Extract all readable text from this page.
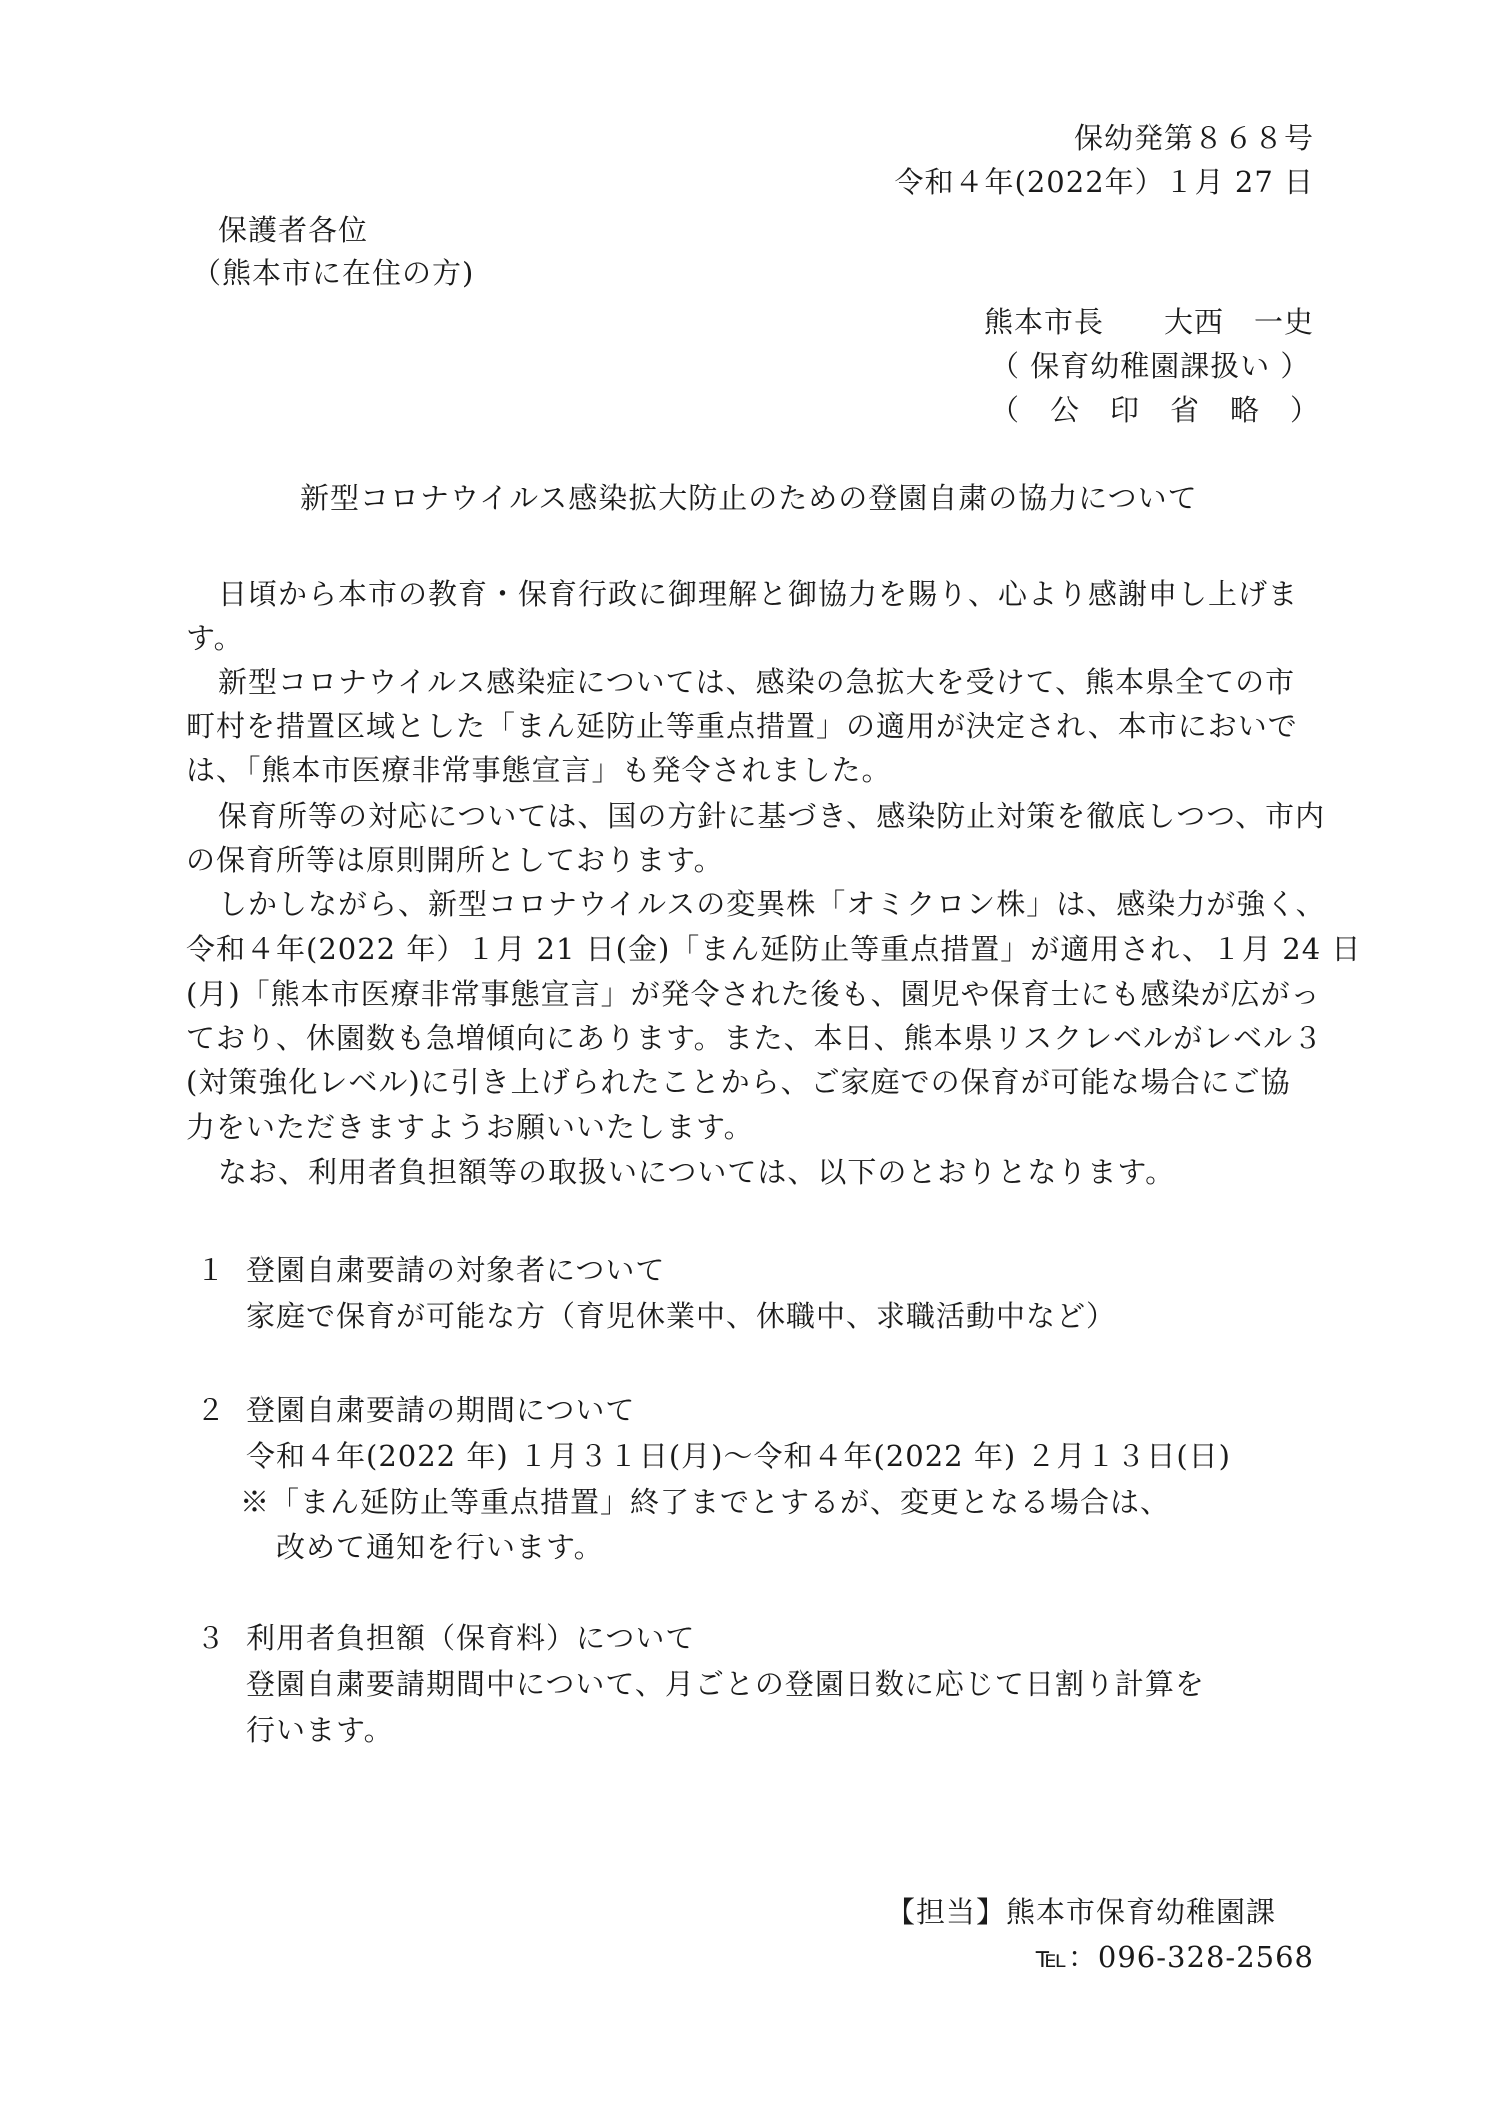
保幼発第８６８号
令和４年(2022年）１月 27 日
保護者各位
（熊本市に在住の方)
熊本市長　　大西　一史
（ 保育幼稚園課扱い ）
（　公　印　省　略　）
新型コロナウイルス感染拡大防止のための登園自粛の協力について
日頃から本市の教育・保育行政に御理解と御協力を賜り、心より感謝申し上げま
す。
新型コロナウイルス感染症については、感染の急拡大を受けて、熊本県全ての市
町村を措置区域とした「まん延防止等重点措置」の適用が決定され、本市においで
は、「熊本市医療非常事態宣言」も発令されました。
保育所等の対応については、国の方針に基づき、感染防止対策を徹底しつつ、市内
の保育所等は原則開所としております。
しかしながら、新型コロナウイルスの変異株「オミクロン株」は、感染力が強く、
令和４年(2022 年）１月 21 日(金)「まん延防止等重点措置」が適用され、１月 24 日
(月)「熊本市医療非常事態宣言」が発令された後も、園児や保育士にも感染が広がっ
ており、休園数も急増傾向にあります。また、本日、熊本県リスクレベルがレベル３
(対策強化レベル)に引き上げられたことから、ご家庭での保育が可能な場合にご協
力をいただきますようお願いいたします。
なお、利用者負担額等の取扱いについては、以下のとおりとなります。
１ 登園自粛要請の対象者について
家庭で保育が可能な方（育児休業中、休職中、求職活動中など）
２ 登園自粛要請の期間について
令和４年(2022 年) １月３１日(月)～令和４年(2022 年) ２月１３日(日)
※「まん延防止等重点措置」終了までとするが、変更となる場合は、
改めて通知を行います。
３ 利用者負担額（保育料）について
登園自粛要請期間中について、月ごとの登園日数に応じて日割り計算を
行います。
【担当】熊本市保育幼稚園課
℡：096-328-2568
